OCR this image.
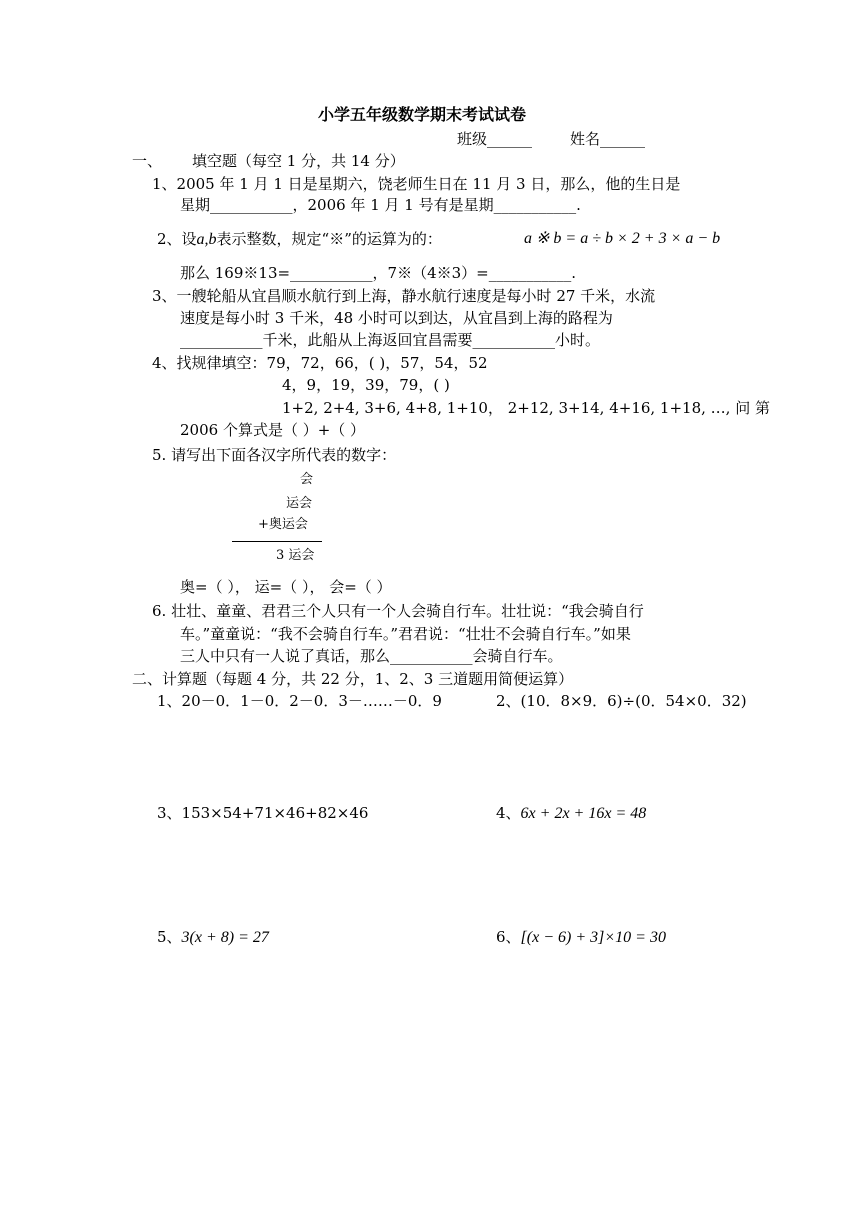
小学五年级数学期末考试试卷
班级______	姓名______
一、 填空题（每空 1 分，共 14 分）
1、2005 年 1 月 1 日是星期六，饶老师生日在 11 月 3 日，那么，他的生日是
星期___________，2006 年 1 月 1 号有是星期___________.
2、设a,b表示整数，规定“※”的运算为的：	a ※ b = a ÷ b × 2 + 3 × a − b
那么 169※13=___________，7※（4※3）=___________.
3、一艘轮船从宜昌顺水航行到上海，静水航行速度是每小时 27 千米，水流
速度是每小时 3 千米，48 小时可以到达，从宜昌到上海的路程为
___________千米，此船从上海返回宜昌需要___________小时。
4、找规律填空：79，72，66，( )，57，54，52
4，9，19，39，79，( )
1+2, 2+4, 3+6, 4+8, 1+10， 2+12, 3+14, 4+16, 1+18, …, 问 第
2006 个算式是（ ）+（ ）
5. 请写出下面各汉字所代表的数字：
会
运会
+奥运会
3 运会
奥=（ ）， 运=（ ）， 会=（ ）
6. 壮壮、童童、君君三个人只有一个人会骑自行车。壮壮说：“我会骑自行
车。”童童说：“我不会骑自行车。”君君说：“壮壮不会骑自行车。”如果
三人中只有一人说了真话，那么___________会骑自行车。
二、计算题（每题 4 分，共 22 分，1、2、3 三道题用简便运算）
1、20－0．1－0．2－0．3－……－0．9	2、(10．8×9．6)÷(0．54×0．32)
3、153×54+71×46+82×46	4、6x + 2x + 16x = 48
5、3(x + 8) = 27	6、[(x − 6) + 3]×10 = 30
